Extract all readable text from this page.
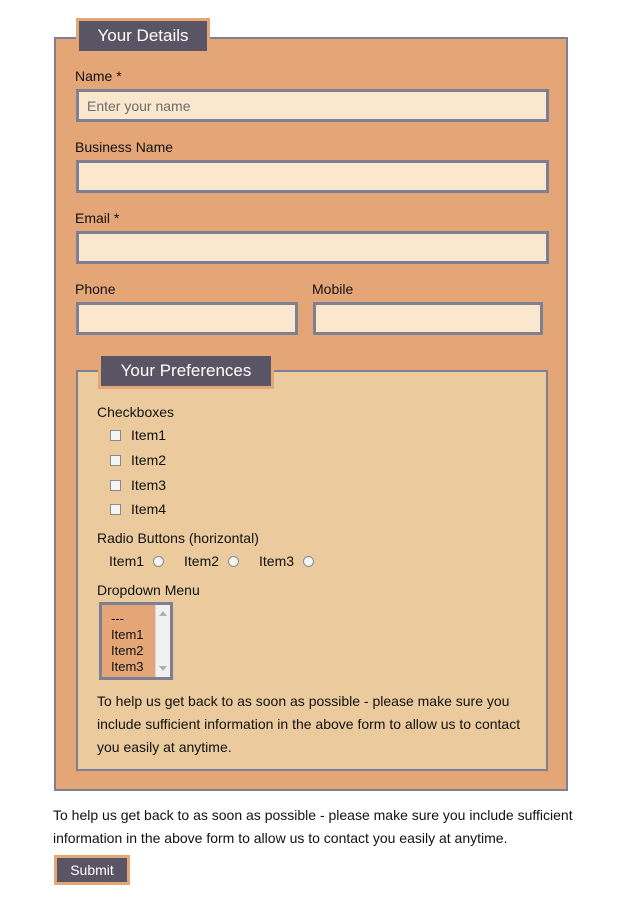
Your Details
Name *
Enter your name
Business Name
Email *
Phone	Mobile
Your Preferences
Checkboxes
Item1
Item2
Item3
Item4
Radio Buttons (horizontal)
Item1	Item2	Item3
Dropdown Menu
---
Item1
Item2
Item3
To help us get back to as soon as possible - please make sure you include sufficient information in the above form to allow us to contact you easily at anytime.
To help us get back to as soon as possible - please make sure you include sufficient information in the above form to allow us to contact you easily at anytime.
Submit
